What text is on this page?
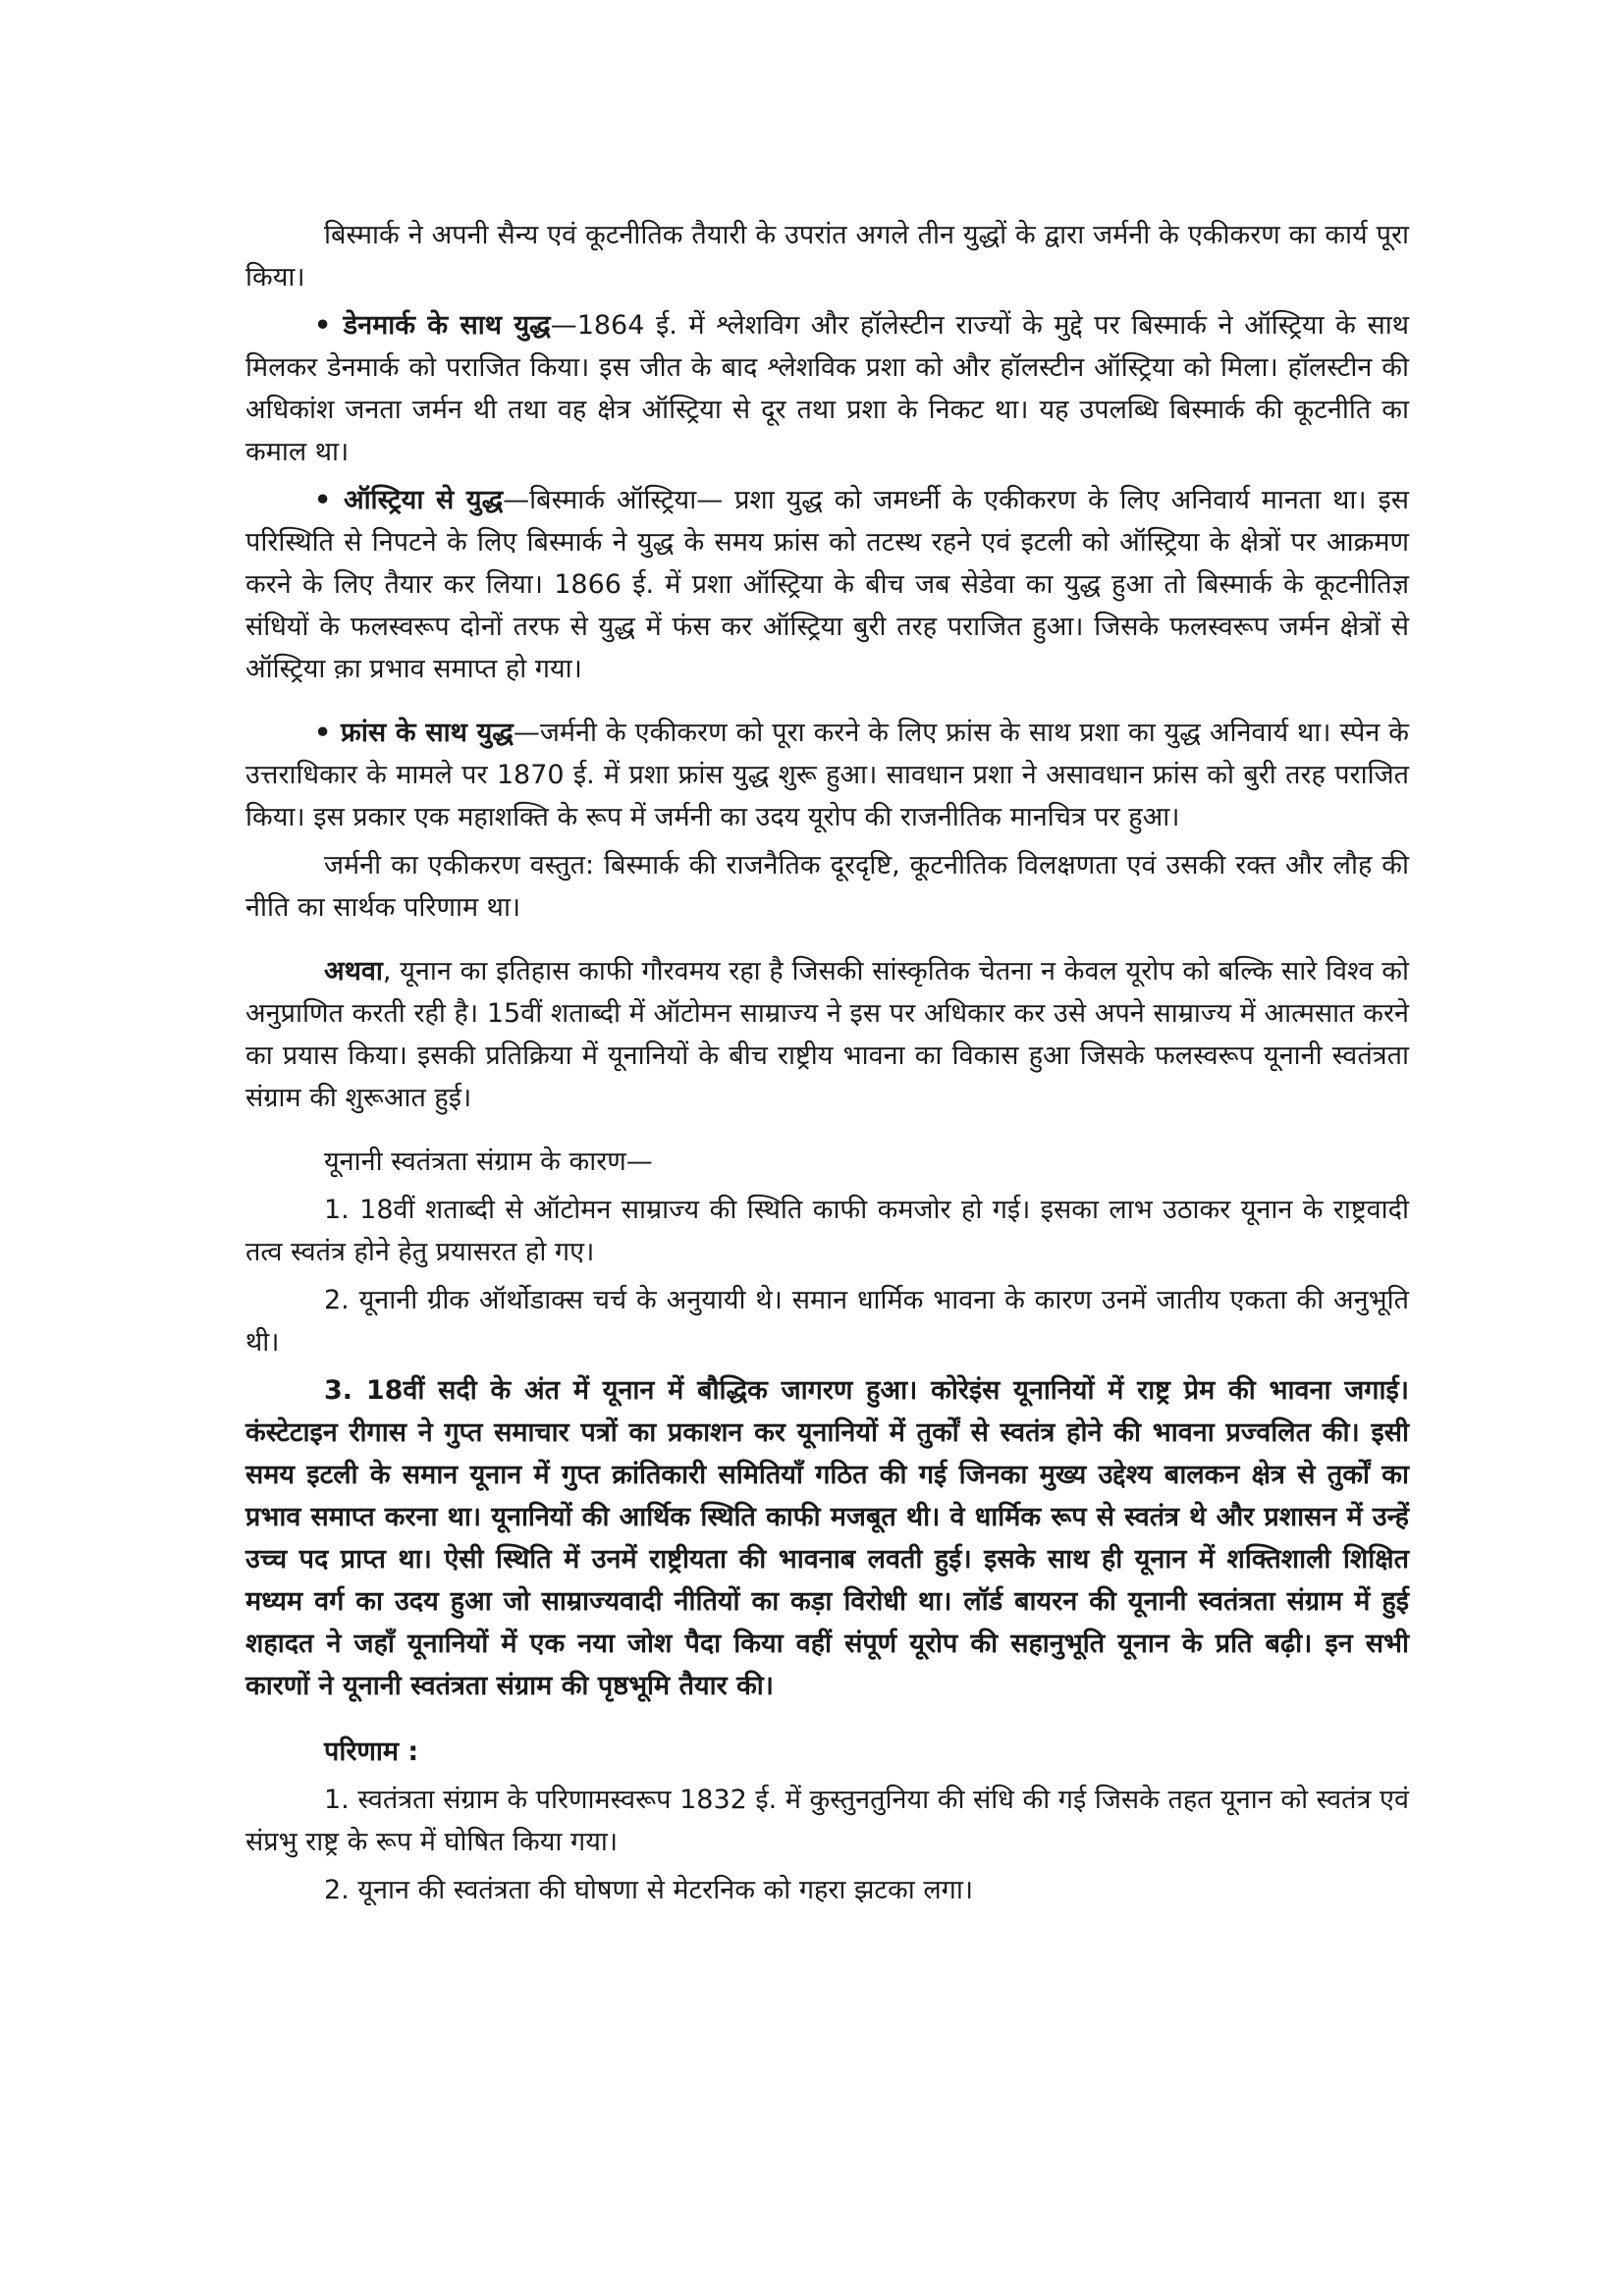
बिस्मार्क ने अपनी सैन्य एवं कूटनीतिक तैयारी के उपरांत अगले तीन युद्धों के द्वारा जर्मनी के एकीकरण का कार्य पूरा किया।

• डेनमार्क के साथ युद्ध—1864 ई. में श्लेशविग और हॉलेस्टीन राज्यों के मुद्दे पर बिस्मार्क ने ऑस्ट्रिया के साथ मिलकर डेनमार्क को पराजित किया। इस जीत के बाद श्लेशविक प्रशा को और हॉलस्टीन ऑस्ट्रिया को मिला। हॉलस्टीन की अधिकांश जनता जर्मन थी तथा वह क्षेत्र ऑस्ट्रिया से दूर तथा प्रशा के निकट था। यह उपलब्धि बिस्मार्क की कूटनीति का कमाल था।

• ऑस्ट्रिया से युद्ध—बिस्मार्क ऑस्ट्रिया— प्रशा युद्ध को जमर्ध्नी के एकीकरण के लिए अनिवार्य मानता था। इस परिस्थिति से निपटने के लिए बिस्मार्क ने युद्ध के समय फ्रांस को तटस्थ रहने एवं इटली को ऑस्ट्रिया के क्षेत्रों पर आक्रमण करने के लिए तैयार कर लिया। 1866 ई. में प्रशा ऑस्ट्रिया के बीच जब सेडेवा का युद्ध हुआ तो बिस्मार्क के कूटनीतिज्ञ संधियों के फलस्वरूप दोनों तरफ से युद्ध में फंस कर ऑस्ट्रिया बुरी तरह पराजित हुआ। जिसके फलस्वरूप जर्मन क्षेत्रों से ऑस्ट्रिया क़ा प्रभाव समाप्त हो गया।

• फ्रांस के साथ युद्ध—जर्मनी के एकीकरण को पूरा करने के लिए फ्रांस के साथ प्रशा का युद्ध अनिवार्य था। स्पेन के उत्तराधिकार के मामले पर 1870 ई. में प्रशा फ्रांस युद्ध शुरू हुआ। सावधान प्रशा ने असावधान फ्रांस को बुरी तरह पराजित किया। इस प्रकार एक महाशक्ति के रूप में जर्मनी का उदय यूरोप की राजनीतिक मानचित्र पर हुआ।

जर्मनी का एकीकरण वस्तुत: बिस्मार्क की राजनैतिक दूरदृष्टि, कूटनीतिक विलक्षणता एवं उसकी रक्त और लौह की नीति का सार्थक परिणाम था।

अथवा, यूनान का इतिहास काफी गौरवमय रहा है जिसकी सांस्कृतिक चेतना न केवल यूरोप को बल्कि सारे विश्व को अनुप्राणित करती रही है। 15वीं शताब्दी में ऑटोमन साम्राज्य ने इस पर अधिकार कर उसे अपने साम्राज्य में आत्मसात करने का प्रयास किया। इसकी प्रतिक्रिया में यूनानियों के बीच राष्ट्रीय भावना का विकास हुआ जिसके फलस्वरूप यूनानी स्वतंत्रता संग्राम की शुरूआत हुई।

यूनानी स्वतंत्रता संग्राम के कारण—

1. 18वीं शताब्दी से ऑटोमन साम्राज्य की स्थिति काफी कमजोर हो गई। इसका लाभ उठाकर यूनान के राष्ट्रवादी तत्व स्वतंत्र होने हेतु प्रयासरत हो गए।

2. यूनानी ग्रीक ऑर्थोडाक्स चर्च के अनुयायी थे। समान धार्मिक भावना के कारण उनमें जातीय एकता की अनुभूति थी।

3. 18वीं सदी के अंत में यूनान में बौद्धिक जागरण हुआ। कोरेइंस यूनानियों में राष्ट्र प्रेम की भावना जगाई। कंस्टेटाइन रीगास ने गुप्त समाचार पत्रों का प्रकाशन कर यूनानियों में तुर्कों से स्वतंत्र होने की भावना प्रज्वलित की। इसी समय इटली के समान यूनान में गुप्त क्रांतिकारी समितियाँ गठित की गई जिनका मुख्य उद्देश्य बालकन क्षेत्र से तुर्कों का प्रभाव समाप्त करना था। यूनानियों की आर्थिक स्थिति काफी मजबूत थी। वे धार्मिक रूप से स्वतंत्र थे और प्रशासन में उन्हें उच्च पद प्राप्त था। ऐसी स्थिति में उनमें राष्ट्रीयता की भावनाब लवती हुई। इसके साथ ही यूनान में शक्तिशाली शिक्षित मध्यम वर्ग का उदय हुआ जो साम्राज्यवादी नीतियों का कड़ा विरोधी था। लॉर्ड बायरन की यूनानी स्वतंत्रता संग्राम में हुई शहादत ने जहाँ यूनानियों में एक नया जोश पैदा किया वहीं संपूर्ण यूरोप की सहानुभूति यूनान के प्रति बढ़ी। इन सभी कारणों ने यूनानी स्वतंत्रता संग्राम की पृष्ठभूमि तैयार की।

परिणाम :

1. स्वतंत्रता संग्राम के परिणामस्वरूप 1832 ई. में कुस्तुनतुनिया की संधि की गई जिसके तहत यूनान को स्वतंत्र एवं संप्रभु राष्ट्र के रूप में घोषित किया गया।

2. यूनान की स्वतंत्रता की घोषणा से मेटरनिक को गहरा झटका लगा।
